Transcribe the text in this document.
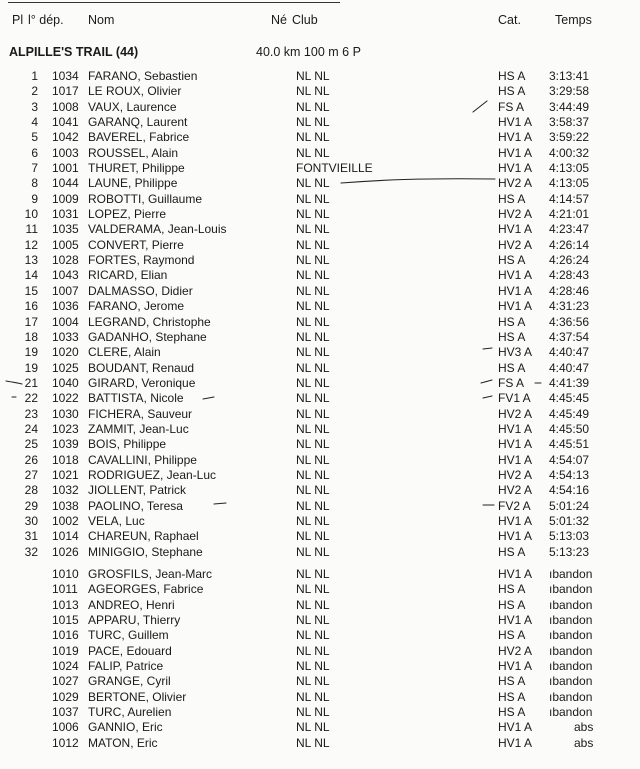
Pl l° dép. Nom	Né Club	Cat.	Temps
ALPILLE'S TRAIL (44)	40.0 km 100 m 6 P
1 1034 FARANO, Sebastien	NL NL	HS A 3:13:41
2 1017 LE ROUX, Olivier	NL NL	HS A 3:29:58
3 1008 VAUX, Laurence	NL NL	FS A 3:44:49
4 1041 GARANQ, Laurent	NL NL	HV1 A 3:58:37
5 1042 BAVEREL, Fabrice	NL NL	HV1 A 3:59:22
6 1003 ROUSSEL, Alain	NL NL	HV1 A 4:00:32
7 1001 THURET, Philippe	FONTVIEILLE	HV1 A 4:13:05
8 1044 LAUNE, Philippe	NL NL	HV2 A 4:13:05
9 1009 ROBOTTI, Guillaume	NL NL	HS A 4:14:57
10 1031 LOPEZ, Pierre	NL NL	HV2 A 4:21:01
11 1035 VALDERAMA, Jean-Louis	NL NL	HV1 A 4:23:47
12 1005 CONVERT, Pierre	NL NL	HV2 A 4:26:14
13 1028 FORTES, Raymond	NL NL	HS A 4:26:24
14 1043 RICARD, Elian	NL NL	HV1 A 4:28:43
15 1007 DALMASSO, Didier	NL NL	HV1 A 4:28:46
16 1036 FARANO, Jerome	NL NL	HV1 A 4:31:23
17 1004 LEGRAND, Christophe	NL NL	HS A 4:36:56
18 1033 GADANHO, Stephane	NL NL	HS A 4:37:54
19 1020 CLERE, Alain	NL NL	HV3 A 4:40:47
19 1025 BOUDANT, Renaud	NL NL	HS A 4:40:47
21 1040 GIRARD, Veronique	NL NL	FS A 4:41:39
22 1022 BATTISTA, Nicole	NL NL	FV1 A 4:45:45
23 1030 FICHERA, Sauveur	NL NL	HV2 A 4:45:49
24 1023 ZAMMIT, Jean-Luc	NL NL	HV1 A 4:45:50
25 1039 BOIS, Philippe	NL NL	HV1 A 4:45:51
26 1018 CAVALLINI, Philippe	NL NL	HV1 A 4:54:07
27 1021 RODRIGUEZ, Jean-Luc	NL NL	HV2 A 4:54:13
28 1032 JIOLLENT, Patrick	NL NL	HV2 A 4:54:16
29 1038 PAOLINO, Teresa	NL NL	FV2 A 5:01:24
30 1002 VELA, Luc	NL NL	HV1 A 5:01:32
31 1014 CHAREUN, Raphael	NL NL	HV1 A 5:13:03
32 1026 MINIGGIO, Stephane	NL NL	HS A 5:13:23
1010 GROSFILS, Jean-Marc	NL NL	HV1 A ıbandon
1011 AGEORGES, Fabrice	NL NL	HS A ıbandon
1013 ANDREO, Henri	NL NL	HS A ıbandon
1015 APPARU, Thierry	NL NL	HV1 A ıbandon
1016 TURC, Guillem	NL NL	HS A ıbandon
1019 PACE, Edouard	NL NL	HV2 A ıbandon
1024 FALIP, Patrice	NL NL	HV1 A ıbandon
1027 GRANGE, Cyril	NL NL	HS A ıbandon
1029 BERTONE, Olivier	NL NL	HS A ıbandon
1037 TURC, Aurelien	NL NL	HS A ıbandon
1006 GANNIO, Eric	NL NL	HV1 A	abs
1012 MATON, Eric	NL NL	HV1 A	abs
